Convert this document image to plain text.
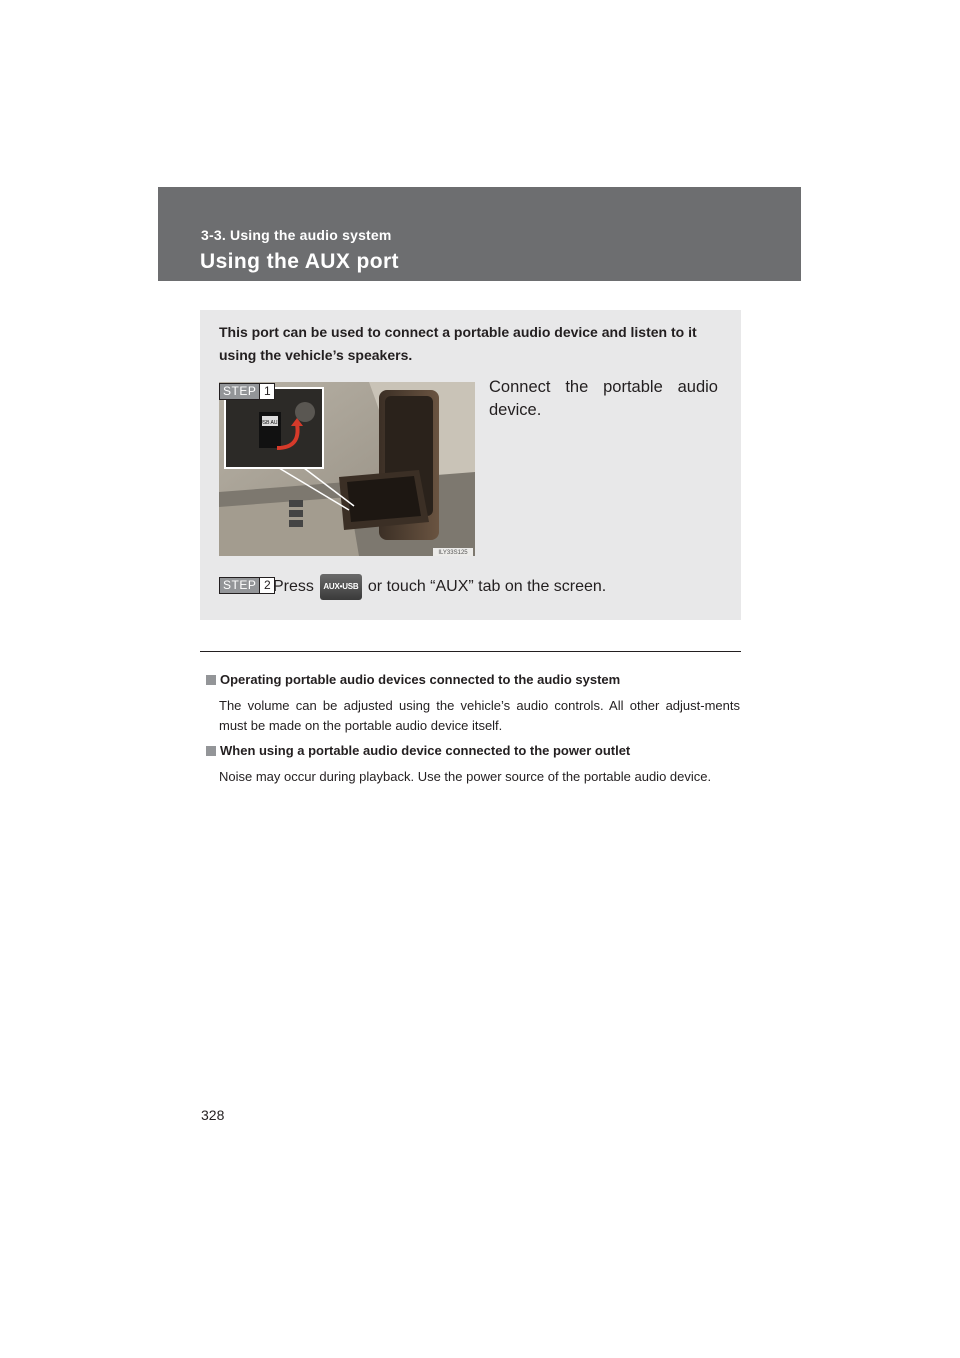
3-3. Using the audio system
Using the AUX port
This port can be used to connect a portable audio device and listen to it using the vehicle’s speakers.
USB AUX
ILY33S125
STEP 1	Connect the portable audio device.
STEP 2 Press	AUX•USB or touch “AUX” tab on the screen.
Operating portable audio devices connected to the audio system
The volume can be adjusted using the vehicle’s audio controls. All other adjust-ments must be made on the portable audio device itself.
When using a portable audio device connected to the power outlet
Noise may occur during playback. Use the power source of the portable audio device.
328
